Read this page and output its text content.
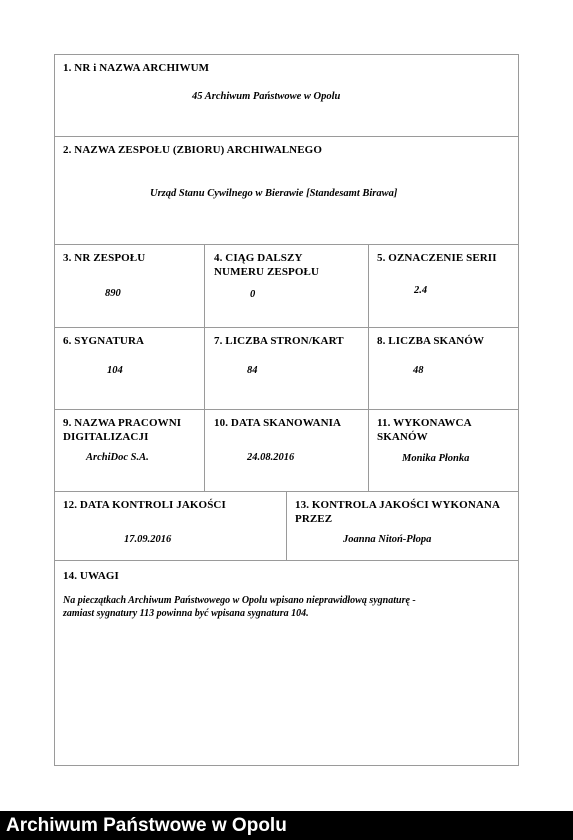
1. NR i NAZWA ARCHIWUM
45 Archiwum Państwowe w Opolu
2. NAZWA ZESPOŁU (ZBIORU) ARCHIWALNEGO
Urząd Stanu Cywilnego w Bierawie [Standesamt Birawa]
3. NR ZESPOŁU
890
4. CIĄG DALSZY
NUMERU ZESPOŁU
0
5. OZNACZENIE SERII
2.4
6. SYGNATURA
104
7. LICZBA STRON/KART
84
8. LICZBA SKANÓW
48
9. NAZWA PRACOWNI
DIGITALIZACJI
ArchiDoc S.A.
10. DATA SKANOWANIA
24.08.2016
11. WYKONAWCA
SKANÓW
Monika Płonka
12. DATA KONTROLI JAKOŚCI
17.09.2016
13. KONTROLA JAKOŚCI WYKONANA
PRZEZ
Joanna Nitoń-Płopa
14. UWAGI
Na pieczątkach Archiwum Państwowego w Opolu wpisano nieprawidłową sygnaturę -
zamiast sygnatury 113 powinna być wpisana sygnatura 104.
Archiwum Państwowe w Opolu
